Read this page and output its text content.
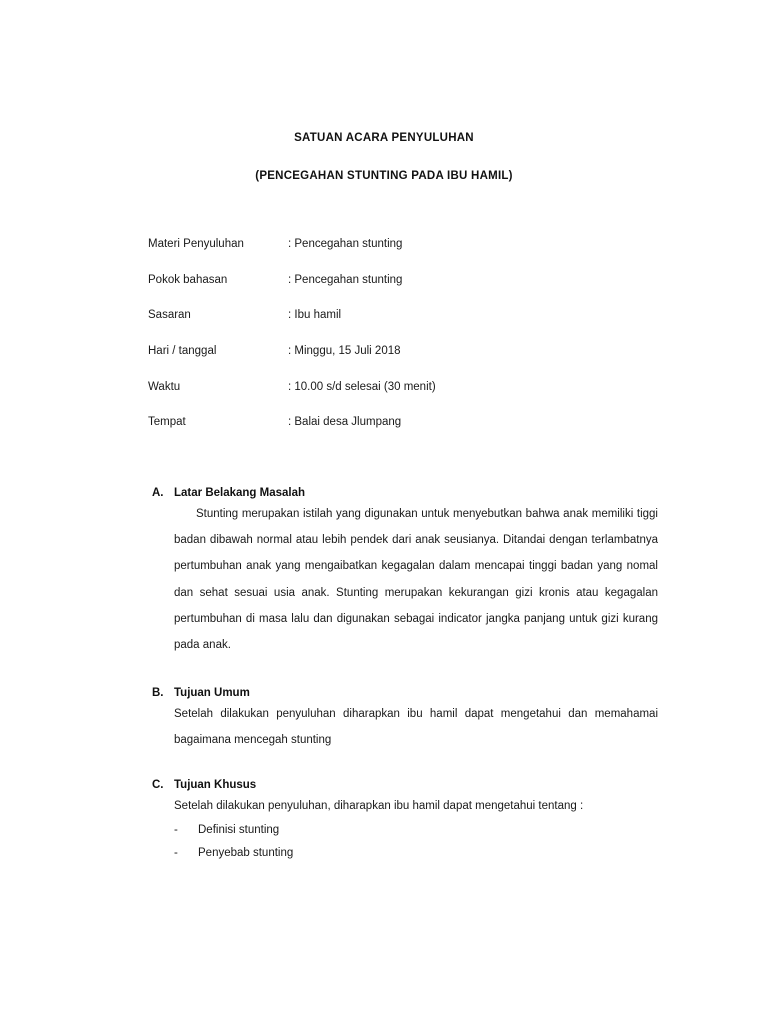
SATUAN ACARA PENYULUHAN
(PENCEGAHAN STUNTING PADA IBU HAMIL)
Materi Penyuluhan	: Pencegahan stunting
Pokok bahasan	: Pencegahan stunting
Sasaran	: Ibu hamil
Hari / tanggal	: Minggu, 15 Juli 2018
Waktu	: 10.00 s/d selesai (30 menit)
Tempat	: Balai desa Jlumpang
A. Latar Belakang Masalah

Stunting merupakan istilah yang digunakan untuk menyebutkan bahwa anak memiliki tiggi badan dibawah normal atau lebih pendek dari anak seusianya. Ditandai dengan terlambatnya pertumbuhan anak yang mengaibatkan kegagalan dalam mencapai tinggi badan yang nomal dan sehat sesuai usia anak. Stunting merupakan kekurangan gizi kronis atau kegagalan pertumbuhan di masa lalu dan digunakan sebagai indicator jangka panjang untuk gizi kurang pada anak.

B. Tujuan Umum

Setelah dilakukan penyuluhan diharapkan ibu hamil dapat mengetahui dan memahamai bagaimana mencegah stunting

C. Tujuan Khusus

Setelah dilakukan penyuluhan, diharapkan ibu hamil dapat mengetahui tentang :

-	Definisi stunting
-	Penyebab stunting
